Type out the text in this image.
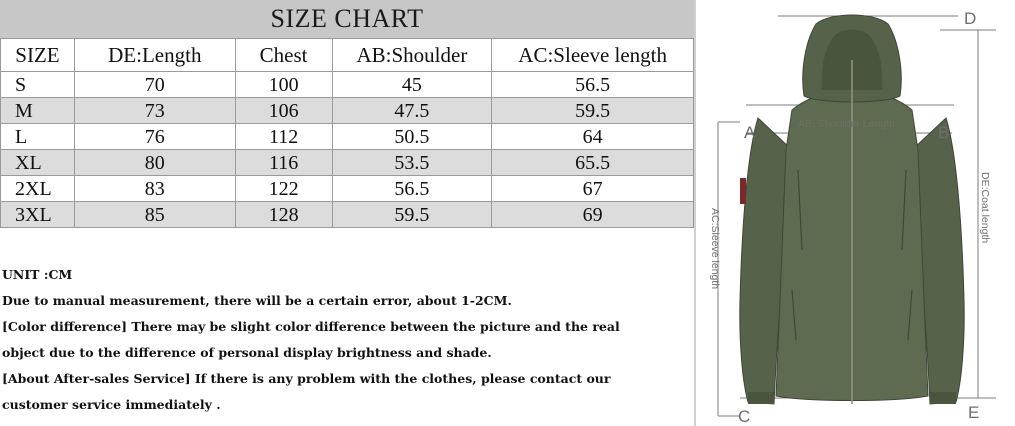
SIZE CHART
SIZE	DE:Length	Chest	AB:Shoulder	AC:Sleeve length
S	70	100	45	56.5
M	73	106	47.5	59.5
L	76	112	50.5	64
XL	80	116	53.5	65.5
2XL	83	122	56.5	67
3XL	85	128	59.5	69
UNIT :CM
Due to manual measurement, there will be a certain error, about 1-2CM.
[Color difference] There may be slight color difference between the picture and the real
object due to the difference of personal display brightness and shade.
[About After-sales Service] If there is any problem with the clothes, please contact our
customer service immediately .
A	B
C
D
E
AB: Shoulder Length
AC:Sleeve length
DE:Coat length
